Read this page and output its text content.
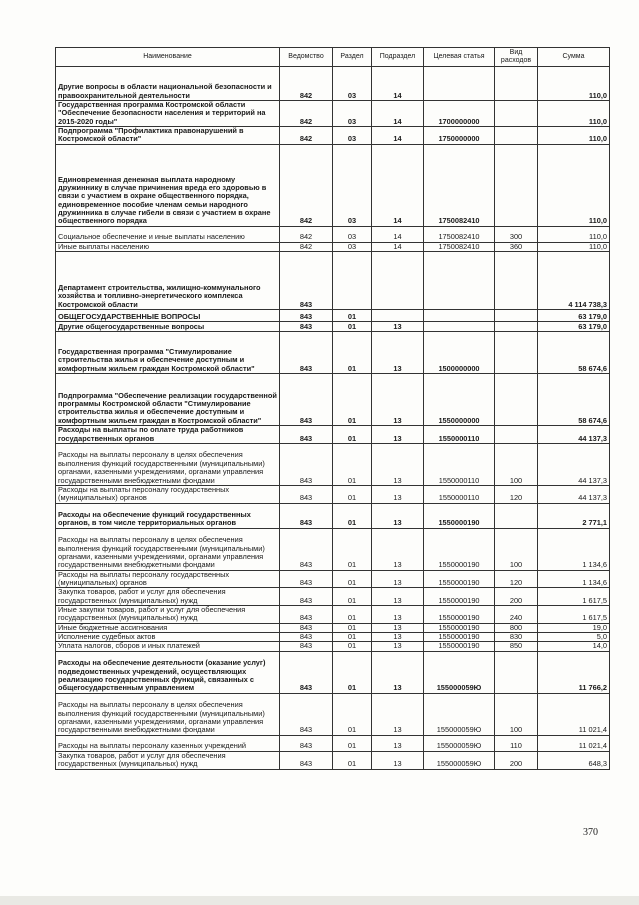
Наименование	Ведомство	Раздел	Подраздел	Целевая статья	Вид расходов	Сумма
Другие вопросы в области национальной безопасности и правоохранительной деятельности	842	03	14			110,0
Государственная программа Костромской области "Обеспечение безопасности населения и территорий на 2015-2020 годы"	842	03	14	1700000000		110,0
Подпрограмма "Профилактика правонарушений в Костромской области"	842	03	14	1750000000		110,0
Единовременная денежная выплата народному дружиннику в случае причинения вреда его здоровью в связи с участием в охране общественного порядка, единовременное пособие членам семьи народного дружинника в случае гибели в связи с участием в охране общественного порядка	842	03	14	1750082410		110,0
Социальное обеспечение и иные выплаты населению	842	03	14	1750082410	300	110,0
Иные выплаты населению	842	03	14	1750082410	360	110,0
Департамент строительства, жилищно-коммунального хозяйства и топливно-энергетического комплекса Костромской области	843					4 114 738,3
ОБЩЕГОСУДАРСТВЕННЫЕ ВОПРОСЫ	843	01				63 179,0
Другие общегосударственные вопросы	843	01	13			63 179,0
Государственная программа "Стимулирование строительства жилья и обеспечение доступным и комфортным жильем граждан Костромской области"	843	01	13	1500000000		58 674,6
Подпрограмма "Обеспечение реализации государственной программы Костромской области "Стимулирование строительства жилья и обеспечение доступным и комфортным жильем граждан в Костромской области"	843	01	13	1550000000		58 674,6
Расходы на выплаты по оплате труда работников государственных органов	843	01	13	1550000110		44 137,3
Расходы на выплаты персоналу в целях обеспечения выполнения функций государственными (муниципальными) органами, казенными учреждениями, органами управления государственными внебюджетными фондами	843	01	13	1550000110	100	44 137,3
Расходы на выплаты персоналу государственных (муниципальных) органов	843	01	13	1550000110	120	44 137,3
Расходы на обеспечение функций государственных органов, в том числе территориальных органов	843	01	13	1550000190		2 771,1
Расходы на выплаты персоналу в целях обеспечения выполнения функций государственными (муниципальными) органами, казенными учреждениями, органами управления государственными внебюджетными фондами	843	01	13	1550000190	100	1 134,6
Расходы на выплаты персоналу государственных (муниципальных) органов	843	01	13	1550000190	120	1 134,6
Закупка товаров, работ и услуг для обеспечения государственных (муниципальных) нужд	843	01	13	1550000190	200	1 617,5
Иные закупки товаров, работ и услуг для обеспечения государственных (муниципальных) нужд	843	01	13	1550000190	240	1 617,5
Иные бюджетные ассигнования	843	01	13	1550000190	800	19,0
Исполнение судебных актов	843	01	13	1550000190	830	5,0
Уплата налогов, сборов и иных платежей	843	01	13	1550000190	850	14,0
Расходы на обеспечение деятельности (оказание услуг) подведомственных учреждений, осуществляющих реализацию государственных функций, связанных с общегосударственным управлением	843	01	13	155000059Ю		11 766,2
Расходы на выплаты персоналу в целях обеспечения выполнения функций государственными (муниципальными) органами, казенными учреждениями, органами управления государственными внебюджетными фондами	843	01	13	155000059Ю	100	11 021,4
Расходы на выплаты персоналу казенных учреждений	843	01	13	155000059Ю	110	11 021,4
Закупка товаров, работ и услуг для обеспечения государственных (муниципальных) нужд	843	01	13	155000059Ю	200	648,3
370
